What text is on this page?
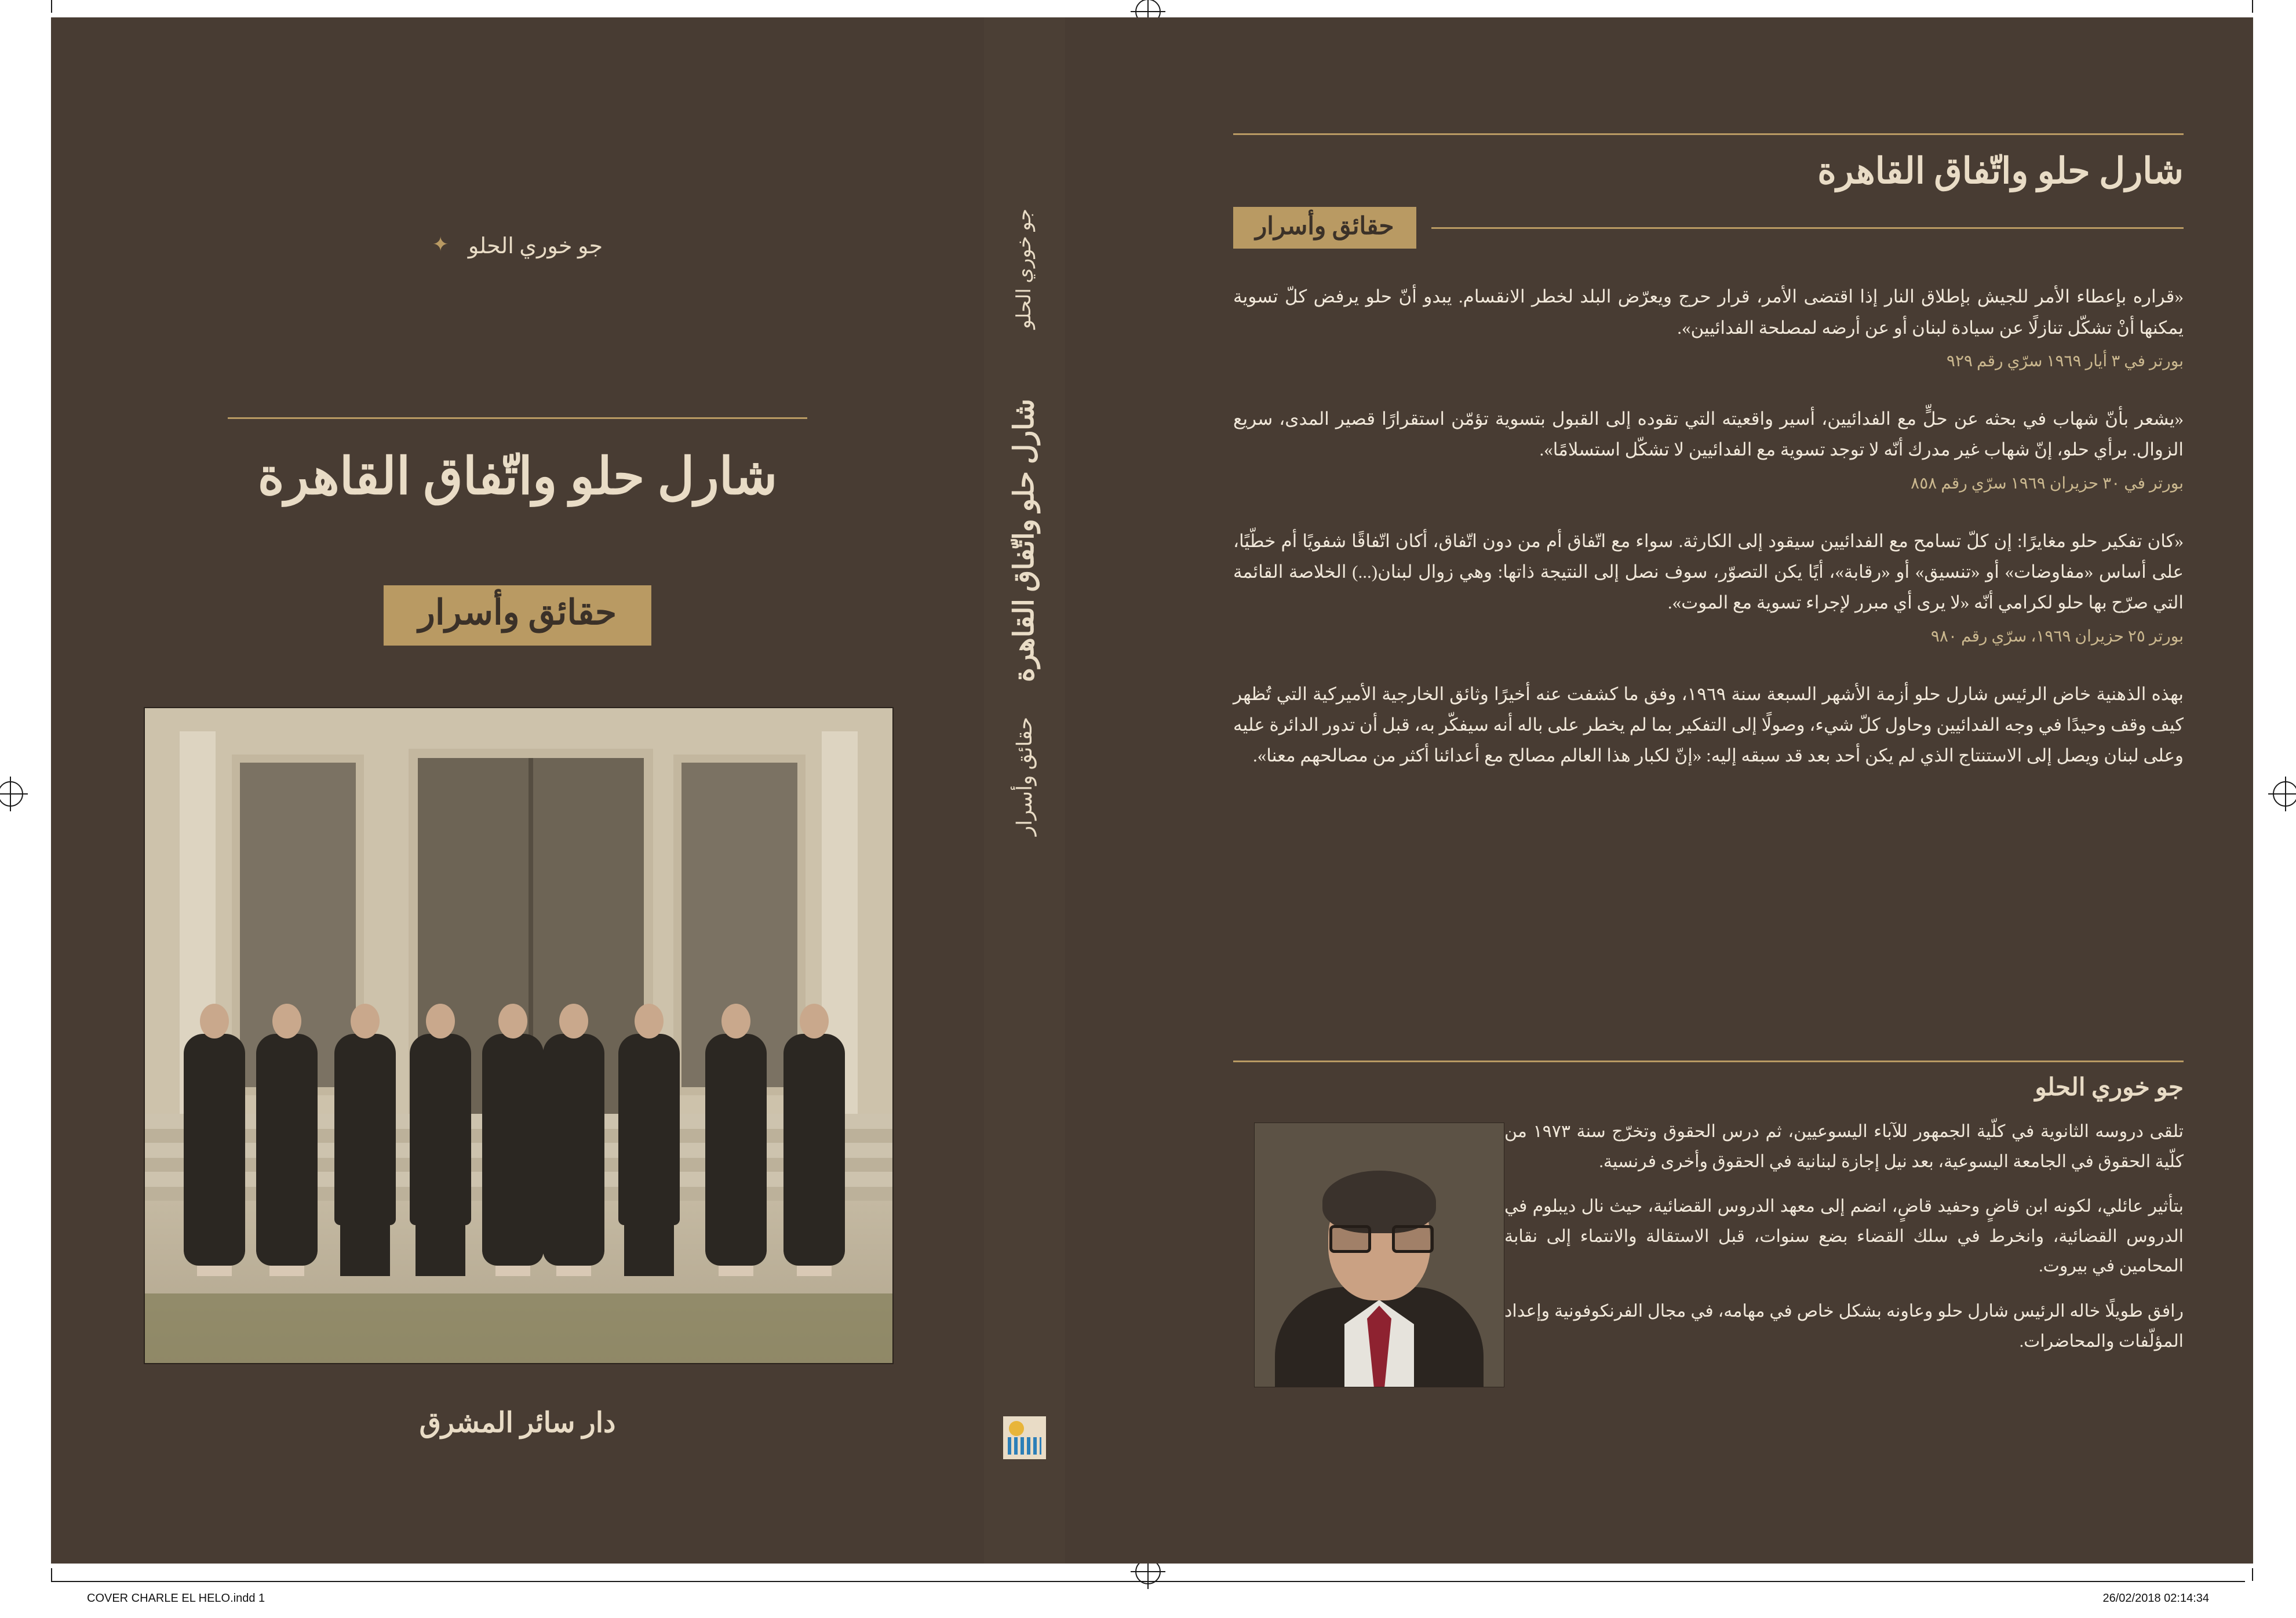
شارل حلو واتّفاق القاهرة
حقائق وأسرار
«قراره بإعطاء الأمر للجيش بإطلاق النار إذا اقتضى الأمر، قرار حرج ويعرّض البلد لخطر الانقسام. يبدو أنّ حلو يرفض كلّ تسوية يمكنها أنْ تشكّل تنازلًا عن سيادة لبنان أو عن أرضه لمصلحة الفدائيين».
بورتر في ٣ أيار ١٩٦٩ سرّي رقم ٩٢٩
«يشعر بأنّ شهاب في بحثه عن حلٍّ مع الفدائيين، أسير واقعيته التي تقوده إلى القبول بتسوية تؤمّن استقرارًا قصير المدى، سريع الزوال. برأي حلو، إنّ شهاب غير مدرك أنّه لا توجد تسوية مع الفدائيين لا تشكّل استسلامًا».
بورتر في ٣٠ حزيران ١٩٦٩ سرّي رقم ٨٥٨
«كان تفكير حلو مغايرًا: إن كلّ تسامح مع الفدائيين سيقود إلى الكارثة. سواء مع اتّفاق أم من دون اتّفاق، أكان اتّفاقًا شفويًا أم خطّيًا، على أساس «مفاوضات» أو «تنسيق» أو «رقابة»، أيًا يكن التصوّر، سوف نصل إلى النتيجة ذاتها: وهي زوال لبنان(...) الخلاصة القائمة التي صرّح بها حلو لكرامي أنّه «لا يرى أي مبرر لإجراء تسوية مع الموت».
بورتر ٢٥ حزيران ١٩٦٩، سرّي رقم ٩٨٠
بهذه الذهنية خاض الرئيس شارل حلو أزمة الأشهر السبعة سنة ١٩٦٩، وفق ما كشفت عنه أخيرًا وثائق الخارجية الأميركية التي تُظهر كيف وقف وحيدًا في وجه الفدائيين وحاول كلّ شيء، وصولًا إلى التفكير بما لم يخطر على باله أنه سيفكّر به، قبل أن تدور الدائرة عليه وعلى لبنان ويصل إلى الاستنتاج الذي لم يكن أحد بعد قد سبقه إليه: «إنّ لكبار هذا العالم مصالح مع أعدائنا أكثر من مصالحهم معنا».
جو خوري الحلو
تلقى دروسه الثانوية في كلّية الجمهور للآباء اليسوعيين، ثم درس الحقوق وتخرّج سنة ١٩٧٣ من كلّية الحقوق في الجامعة اليسوعية، بعد نيل إجازة لبنانية في الحقوق وأخرى فرنسية.
بتأثير عائلي، لكونه ابن قاضٍ وحفيد قاضٍ، انضم إلى معهد الدروس القضائية، حيث نال ديبلوم في الدروس القضائية، وانخرط في سلك القضاء بضع سنوات، قبل الاستقالة والانتماء إلى نقابة المحامين في بيروت.
رافق طويلًا خاله الرئيس شارل حلو وعاونه بشكل خاص في مهامه، في مجال الفرنكوفونية وإعداد المؤلّفات والمحاضرات.
جو خوري الحلو
شارل حلو واتّفاق القاهرة
حقائق وأسرار
جو خوري الحلو ✦
شارل حلو واتّفاق القاهرة
حقائق وأسرار
دار سائر المشرق
COVER CHARLE EL HELO.indd 1	26/02/2018 02:14:34
